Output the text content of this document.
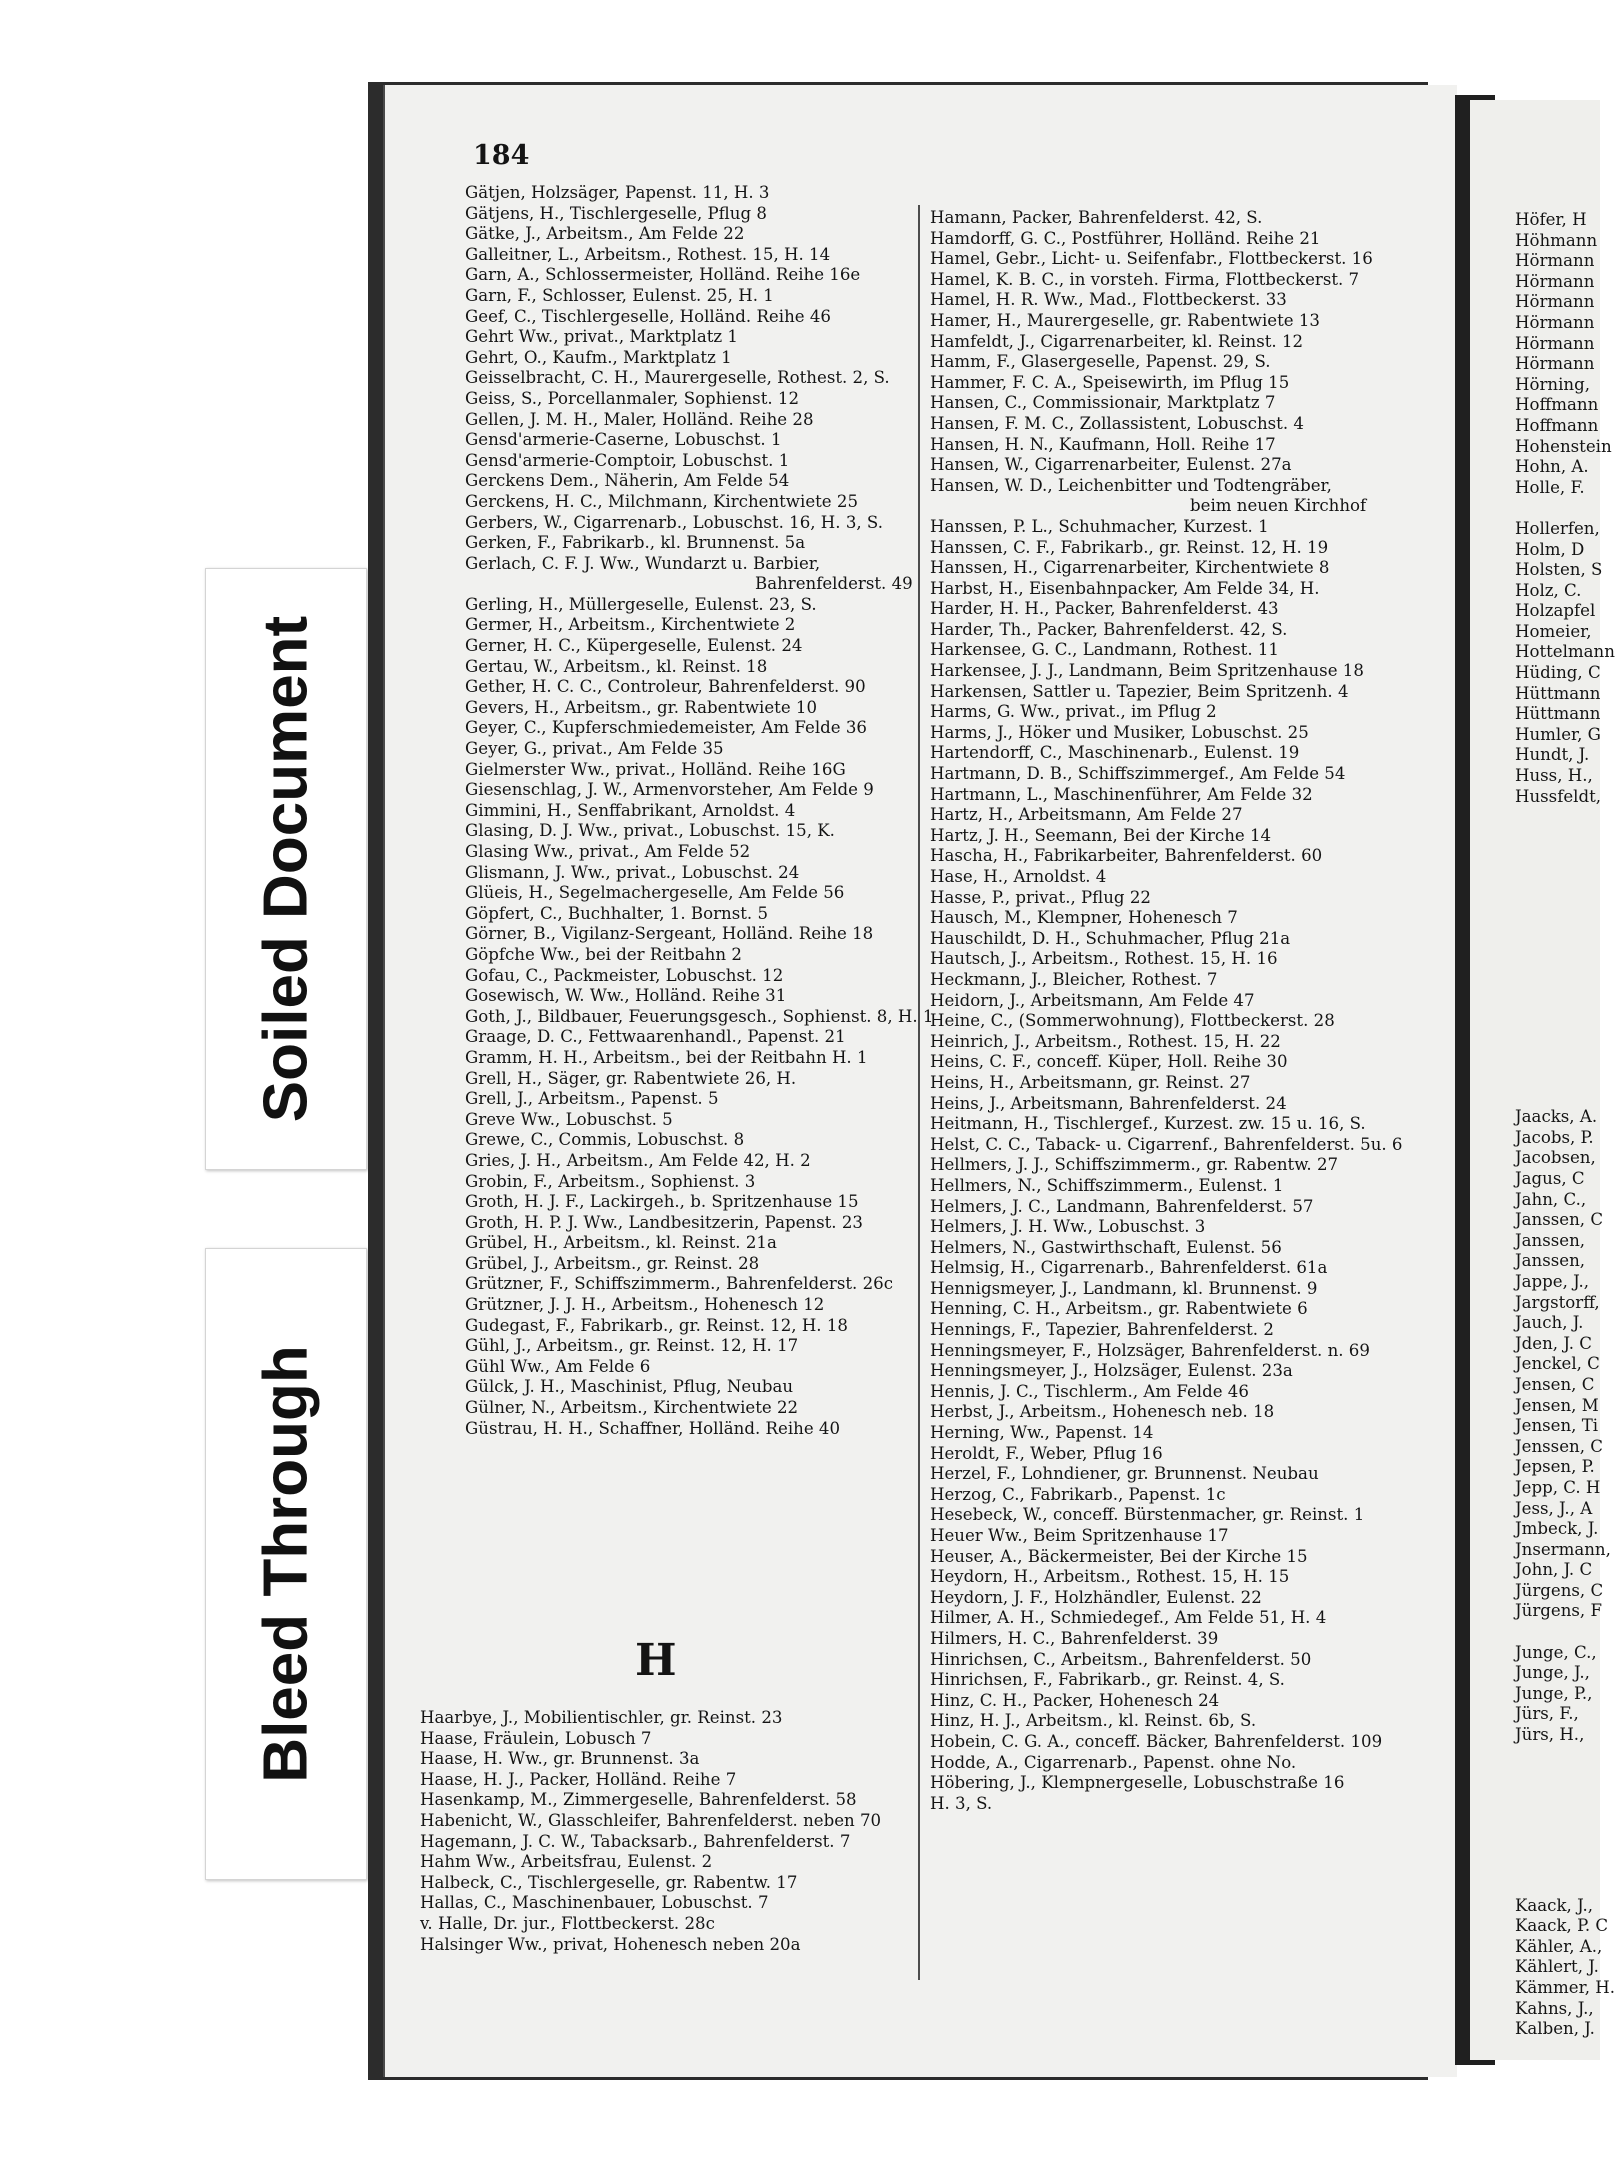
Soiled Document
Bleed Through
184
Gätjen, Holzsäger, Papenst. 11, H. 3
Gätjens, H., Tischlergeselle, Pflug 8
Gätke, J., Arbeitsm., Am Felde 22
Galleitner, L., Arbeitsm., Rothest. 15, H. 14
Garn, A., Schlossermeister, Holländ. Reihe 16e
Garn, F., Schlosser, Eulenst. 25, H. 1
Geef, C., Tischlergeselle, Holländ. Reihe 46
Gehrt Ww., privat., Marktplatz 1
Gehrt, O., Kaufm., Marktplatz 1
Geisselbracht, C. H., Maurergeselle, Rothest. 2, S.
Geiss, S., Porcellanmaler, Sophienst. 12
Gellen, J. M. H., Maler, Holländ. Reihe 28
Gensd'armerie-Caserne, Lobuschst. 1
Gensd'armerie-Comptoir, Lobuschst. 1
Gerckens Dem., Näherin, Am Felde 54
Gerckens, H. C., Milchmann, Kirchentwiete 25
Gerbers, W., Cigarrenarb., Lobuschst. 16, H. 3, S.
Gerken, F., Fabrikarb., kl. Brunnenst. 5a
Gerlach, C. F. J. Ww., Wundarzt u. Barbier,
Bahrenfelderst. 49
Gerling, H., Müllergeselle, Eulenst. 23, S.
Germer, H., Arbeitsm., Kirchentwiete 2
Gerner, H. C., Küpergeselle, Eulenst. 24
Gertau, W., Arbeitsm., kl. Reinst. 18
Gether, H. C. C., Controleur, Bahrenfelderst. 90
Gevers, H., Arbeitsm., gr. Rabentwiete 10
Geyer, C., Kupferschmiedemeister, Am Felde 36
Geyer, G., privat., Am Felde 35
Gielmerster Ww., privat., Holländ. Reihe 16G
Giesenschlag, J. W., Armenvorsteher, Am Felde 9
Gimmini, H., Senffabrikant, Arnoldst. 4
Glasing, D. J. Ww., privat., Lobuschst. 15, K.
Glasing Ww., privat., Am Felde 52
Glismann, J. Ww., privat., Lobuschst. 24
Glüeis, H., Segelmachergeselle, Am Felde 56
Göpfert, C., Buchhalter, 1. Bornst. 5
Görner, B., Vigilanz-Sergeant, Holländ. Reihe 18
Göpfche Ww., bei der Reitbahn 2
Gofau, C., Packmeister, Lobuschst. 12
Gosewisch, W. Ww., Holländ. Reihe 31
Goth, J., Bildbauer, Feuerungsgesch., Sophienst. 8, H. 1
Graage, D. C., Fettwaarenhandl., Papenst. 21
Gramm, H. H., Arbeitsm., bei der Reitbahn H. 1
Grell, H., Säger, gr. Rabentwiete 26, H.
Grell, J., Arbeitsm., Papenst. 5
Greve Ww., Lobuschst. 5
Grewe, C., Commis, Lobuschst. 8
Gries, J. H., Arbeitsm., Am Felde 42, H. 2
Grobin, F., Arbeitsm., Sophienst. 3
Groth, H. J. F., Lackirgeh., b. Spritzenhause 15
Groth, H. P. J. Ww., Landbesitzerin, Papenst. 23
Grübel, H., Arbeitsm., kl. Reinst. 21a
Grübel, J., Arbeitsm., gr. Reinst. 28
Grützner, F., Schiffszimmerm., Bahrenfelderst. 26c
Grützner, J. J. H., Arbeitsm., Hohenesch 12
Gudegast, F., Fabrikarb., gr. Reinst. 12, H. 18
Gühl, J., Arbeitsm., gr. Reinst. 12, H. 17
Gühl Ww., Am Felde 6
Gülck, J. H., Maschinist, Pflug, Neubau
Gülner, N., Arbeitsm., Kirchentwiete 22
Güstrau, H. H., Schaffner, Holländ. Reihe 40
H
Haarbye, J., Mobilientischler, gr. Reinst. 23
Haase, Fräulein, Lobusch 7
Haase, H. Ww., gr. Brunnenst. 3a
Haase, H. J., Packer, Holländ. Reihe 7
Hasenkamp, M., Zimmergeselle, Bahrenfelderst. 58
Habenicht, W., Glasschleifer, Bahrenfelderst. neben 70
Hagemann, J. C. W., Tabacksarb., Bahrenfelderst. 7
Hahm Ww., Arbeitsfrau, Eulenst. 2
Halbeck, C., Tischlergeselle, gr. Rabentw. 17
Hallas, C., Maschinenbauer, Lobuschst. 7
v. Halle, Dr. jur., Flottbeckerst. 28c
Halsinger Ww., privat, Hohenesch neben 20a
Hamann, Packer, Bahrenfelderst. 42, S.
Hamdorff, G. C., Postführer, Holländ. Reihe 21
Hamel, Gebr., Licht- u. Seifenfabr., Flottbeckerst. 16
Hamel, K. B. C., in vorsteh. Firma, Flottbeckerst. 7
Hamel, H. R. Ww., Mad., Flottbeckerst. 33
Hamer, H., Maurergeselle, gr. Rabentwiete 13
Hamfeldt, J., Cigarrenarbeiter, kl. Reinst. 12
Hamm, F., Glasergeselle, Papenst. 29, S.
Hammer, F. C. A., Speisewirth, im Pflug 15
Hansen, C., Commissionair, Marktplatz 7
Hansen, F. M. C., Zollassistent, Lobuschst. 4
Hansen, H. N., Kaufmann, Holl. Reihe 17
Hansen, W., Cigarrenarbeiter, Eulenst. 27a
Hansen, W. D., Leichenbitter und Todtengräber,
beim neuen Kirchhof
Hanssen, P. L., Schuhmacher, Kurzest. 1
Hanssen, C. F., Fabrikarb., gr. Reinst. 12, H. 19
Hanssen, H., Cigarrenarbeiter, Kirchentwiete 8
Harbst, H., Eisenbahnpacker, Am Felde 34, H.
Harder, H. H., Packer, Bahrenfelderst. 43
Harder, Th., Packer, Bahrenfelderst. 42, S.
Harkensee, G. C., Landmann, Rothest. 11
Harkensee, J. J., Landmann, Beim Spritzenhause 18
Harkensen, Sattler u. Tapezier, Beim Spritzenh. 4
Harms, G. Ww., privat., im Pflug 2
Harms, J., Höker und Musiker, Lobuschst. 25
Hartendorff, C., Maschinenarb., Eulenst. 19
Hartmann, D. B., Schiffszimmergef., Am Felde 54
Hartmann, L., Maschinenführer, Am Felde 32
Hartz, H., Arbeitsmann, Am Felde 27
Hartz, J. H., Seemann, Bei der Kirche 14
Hascha, H., Fabrikarbeiter, Bahrenfelderst. 60
Hase, H., Arnoldst. 4
Hasse, P., privat., Pflug 22
Hausch, M., Klempner, Hohenesch 7
Hauschildt, D. H., Schuhmacher, Pflug 21a
Hautsch, J., Arbeitsm., Rothest. 15, H. 16
Heckmann, J., Bleicher, Rothest. 7
Heidorn, J., Arbeitsmann, Am Felde 47
Heine, C., (Sommerwohnung), Flottbeckerst. 28
Heinrich, J., Arbeitsm., Rothest. 15, H. 22
Heins, C. F., conceff. Küper, Holl. Reihe 30
Heins, H., Arbeitsmann, gr. Reinst. 27
Heins, J., Arbeitsmann, Bahrenfelderst. 24
Heitmann, H., Tischlergef., Kurzest. zw. 15 u. 16, S.
Helst, C. C., Taback- u. Cigarrenf., Bahrenfelderst. 5u. 6
Hellmers, J. J., Schiffszimmerm., gr. Rabentw. 27
Hellmers, N., Schiffszimmerm., Eulenst. 1
Helmers, J. C., Landmann, Bahrenfelderst. 57
Helmers, J. H. Ww., Lobuschst. 3
Helmers, N., Gastwirthschaft, Eulenst. 56
Helmsig, H., Cigarrenarb., Bahrenfelderst. 61a
Hennigsmeyer, J., Landmann, kl. Brunnenst. 9
Henning, C. H., Arbeitsm., gr. Rabentwiete 6
Hennings, F., Tapezier, Bahrenfelderst. 2
Henningsmeyer, F., Holzsäger, Bahrenfelderst. n. 69
Henningsmeyer, J., Holzsäger, Eulenst. 23a
Hennis, J. C., Tischlerm., Am Felde 46
Herbst, J., Arbeitsm., Hohenesch neb. 18
Herning, Ww., Papenst. 14
Heroldt, F., Weber, Pflug 16
Herzel, F., Lohndiener, gr. Brunnenst. Neubau
Herzog, C., Fabrikarb., Papenst. 1c
Hesebeck, W., conceff. Bürstenmacher, gr. Reinst. 1
Heuer Ww., Beim Spritzenhause 17
Heuser, A., Bäckermeister, Bei der Kirche 15
Heydorn, H., Arbeitsm., Rothest. 15, H. 15
Heydorn, J. F., Holzhändler, Eulenst. 22
Hilmer, A. H., Schmiedegef., Am Felde 51, H. 4
Hilmers, H. C., Bahrenfelderst. 39
Hinrichsen, C., Arbeitsm., Bahrenfelderst. 50
Hinrichsen, F., Fabrikarb., gr. Reinst. 4, S.
Hinz, C. H., Packer, Hohenesch 24
Hinz, H. J., Arbeitsm., kl. Reinst. 6b, S.
Hobein, C. G. A., conceff. Bäcker, Bahrenfelderst. 109
Hodde, A., Cigarrenarb., Papenst. ohne No.
Höbering, J., Klempnergeselle, Lobuschstraße 16
H. 3, S.
Höfer, H
Höhmann
Hörmann
Hörmann
Hörmann
Hörmann
Hörmann
Hörmann
Hörning,
Hoffmann
Hoffmann
Hohenstein
Hohn, A.
Holle, F.
Hollerfen,
Holm, D
Holsten, S
Holz, C.
Holzapfel
Homeier,
Hottelmann
Hüding, C
Hüttmann
Hüttmann
Humler, G
Hundt, J.
Huss, H.,
Hussfeldt,
Jaacks, A.
Jacobs, P.
Jacobsen,
Jagus, C
Jahn, C.,
Janssen, C
Janssen,
Janssen,
Jappe, J.,
Jargstorff,
Jauch, J.
Jden, J. C
Jenckel, C
Jensen, C
Jensen, M
Jensen, Ti
Jenssen, C
Jepsen, P.
Jepp, C. H
Jess, J., A
Jmbeck, J.
Jnsermann,
John, J. C
Jürgens, C
Jürgens, F
Junge, C.,
Junge, J.,
Junge, P.,
Jürs, F.,
Jürs, H.,
Kaack, J.,
Kaack, P. C
Kähler, A.,
Kählert, J.
Kämmer, H.
Kahns, J.,
Kalben, J.
